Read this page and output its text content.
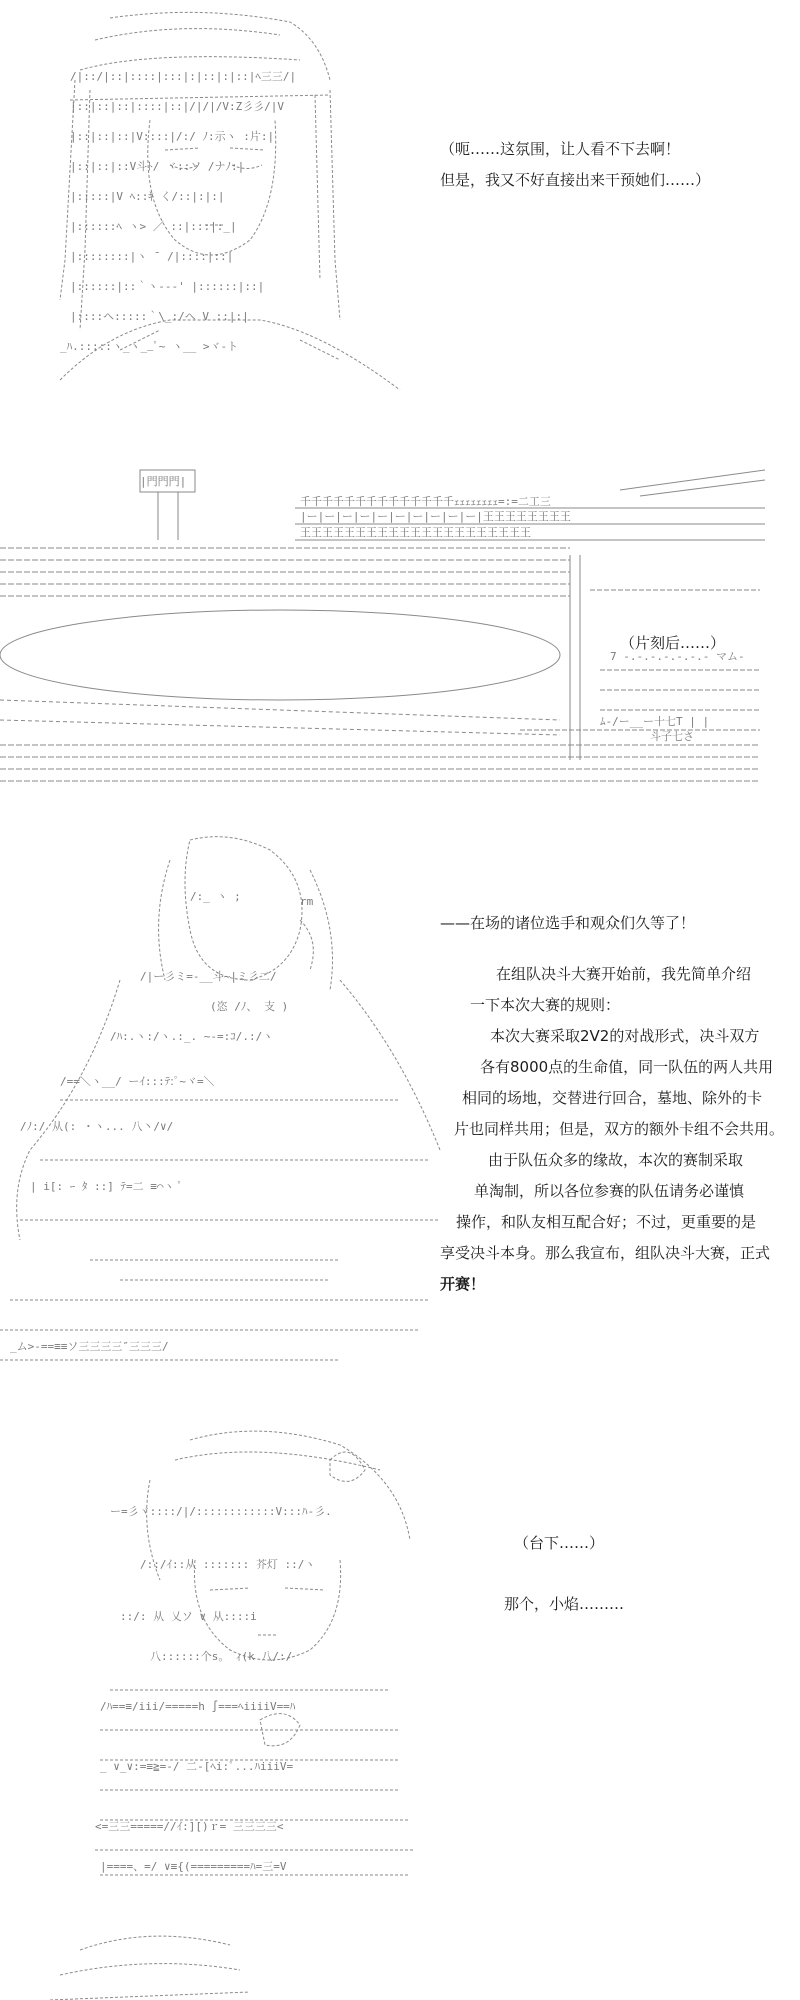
/|::/|::|::::|:::|:|::|:|::|ﾍ三三/|
|::|::|::|::::|::|/|/|/V:Z彡彡/|V
|::|::|::|V::::|/:/ ﾉ:示ヽ :片:|
|::|::|::V斗ﾄ/ ヾ::ソ /ナﾉ:|
|:::::|V ﾍ::ｷ く/::|:|:|
|::::::ﾍ ヽ> ／ ::|:::|:_|
|::::::::|ヽ ¯ /|::::|::|
|::::::|::｀ヽ--‐' |::::::|::|
|::::ヘ:::::｀\_:/ヘ V ::|:|
_ﾊ.:::::ヽ_ヽ__ﾟ~ ヽ__ >ヾ-ト
（呃……这氛围，让人看不下去啊！
但是，我又不好直接出来干预她们……）
|門門門|
千千千千千千千千千千千千千千ｪｪｪｪｪｪｪｪ=:=二工三
|ー|ー|ー|ー|ー|ー|ー|ー|ー|ー|王王王王王王王王
王王王王王王王王王王王王王王王王王王王王王
7 -.-.-.-.-.-.- マム-
ﾑ-/ー__ー十七T | |
斗子七さ
（片刻后……）
/:_ ヽ ;	rm
/|ー彡ミ=-__斗~|ミ彡二/
(恣 /ﾉ、 支 )
/ﾊ:.ヽ:/ヽ.:_. ~-=:ｺ/.:/ヽ
/==＼ヽ__/ ーｲ:::ﾃ:ﾟ~ヾ=＼
/ﾉ:/ 从(: ・ヽ... 八丶/∨/
| i[: ｰ ﾀ ::] ﾃ=二 ≡⌒ヽ ﾟ
_ム>‐==≡≡ソ三三三三″三三三/
——在场的诸位选手和观众们久等了！
在组队决斗大赛开始前，我先简单介绍
一下本次大赛的规则：
本次大赛采取2V2的对战形式，决斗双方
各有8000点的生命值，同一队伍的两人共用
相同的场地，交替进行回合，墓地、除外的卡
片也同样共用；但是，双方的额外卡组不会共用。
由于队伍众多的缘故，本次的赛制采取
单淘制，所以各位参赛的队伍请务必谨慎
操作，和队友相互配合好；不过，更重要的是
享受决斗本身。那么我宣布，组队决斗大赛，正式
开赛！
ー=彡ヾ::::/|/::::::::::::V:::ﾊ-彡.
/::/ｲ::从 ::::::: 芥灯 ::/ヽ
::/: 从 乂ソ ∨ 从::::i
八::::::个s。 ｨ(k 八/:/
/ﾊ==≡/iii/=====h ∫===ﾍiiiiV==ﾊ
_ ∨_∨:=≡≧=-/ 二‐[ﾍi:ﾟ...ﾊiiiV=
<=三三=====//ｲ:][)ｒ= 三三三三<
|====、=/ ∨≡{(=========ﾊ=三=V
（台下……）
那个，小焰………
